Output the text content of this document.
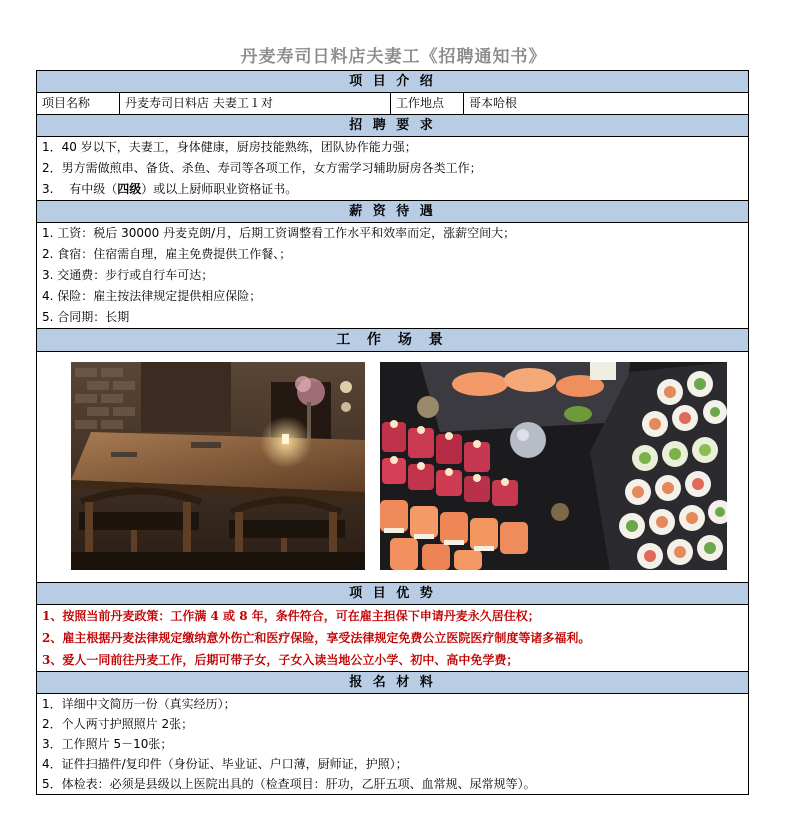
丹麦寿司日料店夫妻工《招聘通知书》
项 目 介 绍
项目名称	丹麦寿司日料店 夫妻工１对	工作地点	哥本哈根
招 聘 要 求
1．40 岁以下，夫妻工，身体健康，厨房技能熟练，团队协作能力强；
2．男方需做煎串、备货、杀鱼、寿司等各项工作，女方需学习辅助厨房各类工作；
3.　 有中级（四级）或以上厨师职业资格证书。
薪 资 待 遇
1. 工资：税后 30000 丹麦克朗/月，后期工资调整看工作水平和效率而定，涨薪空间大；
2. 食宿：住宿需自理，雇主免费提供工作餐、；
3. 交通费：步行或自行车可达；
4. 保险：雇主按法律规定提供相应保险；
5. 合同期：长期
工 作 场 景
项 目 优 势
1、按照当前丹麦政策：工作满 4 或 8 年，条件符合，可在雇主担保下申请丹麦永久居住权；
2、雇主根据丹麦法律规定缴纳意外伤亡和医疗保险，享受法律规定免费公立医院医疗制度等诸多福利。
3、爱人一同前往丹麦工作，后期可带子女，子女入读当地公立小学、初中、高中免学费；
报 名 材 料
1．详细中文简历一份（真实经历）；
2．个人两寸护照照片 2张；
3．工作照片 5－10张；
4．证件扫描件/复印件（身份证、毕业证、户口薄，厨师证，护照）；
5．体检表：必须是县级以上医院出具的（检查项目：肝功，乙肝五项、血常规、尿常规等）。
